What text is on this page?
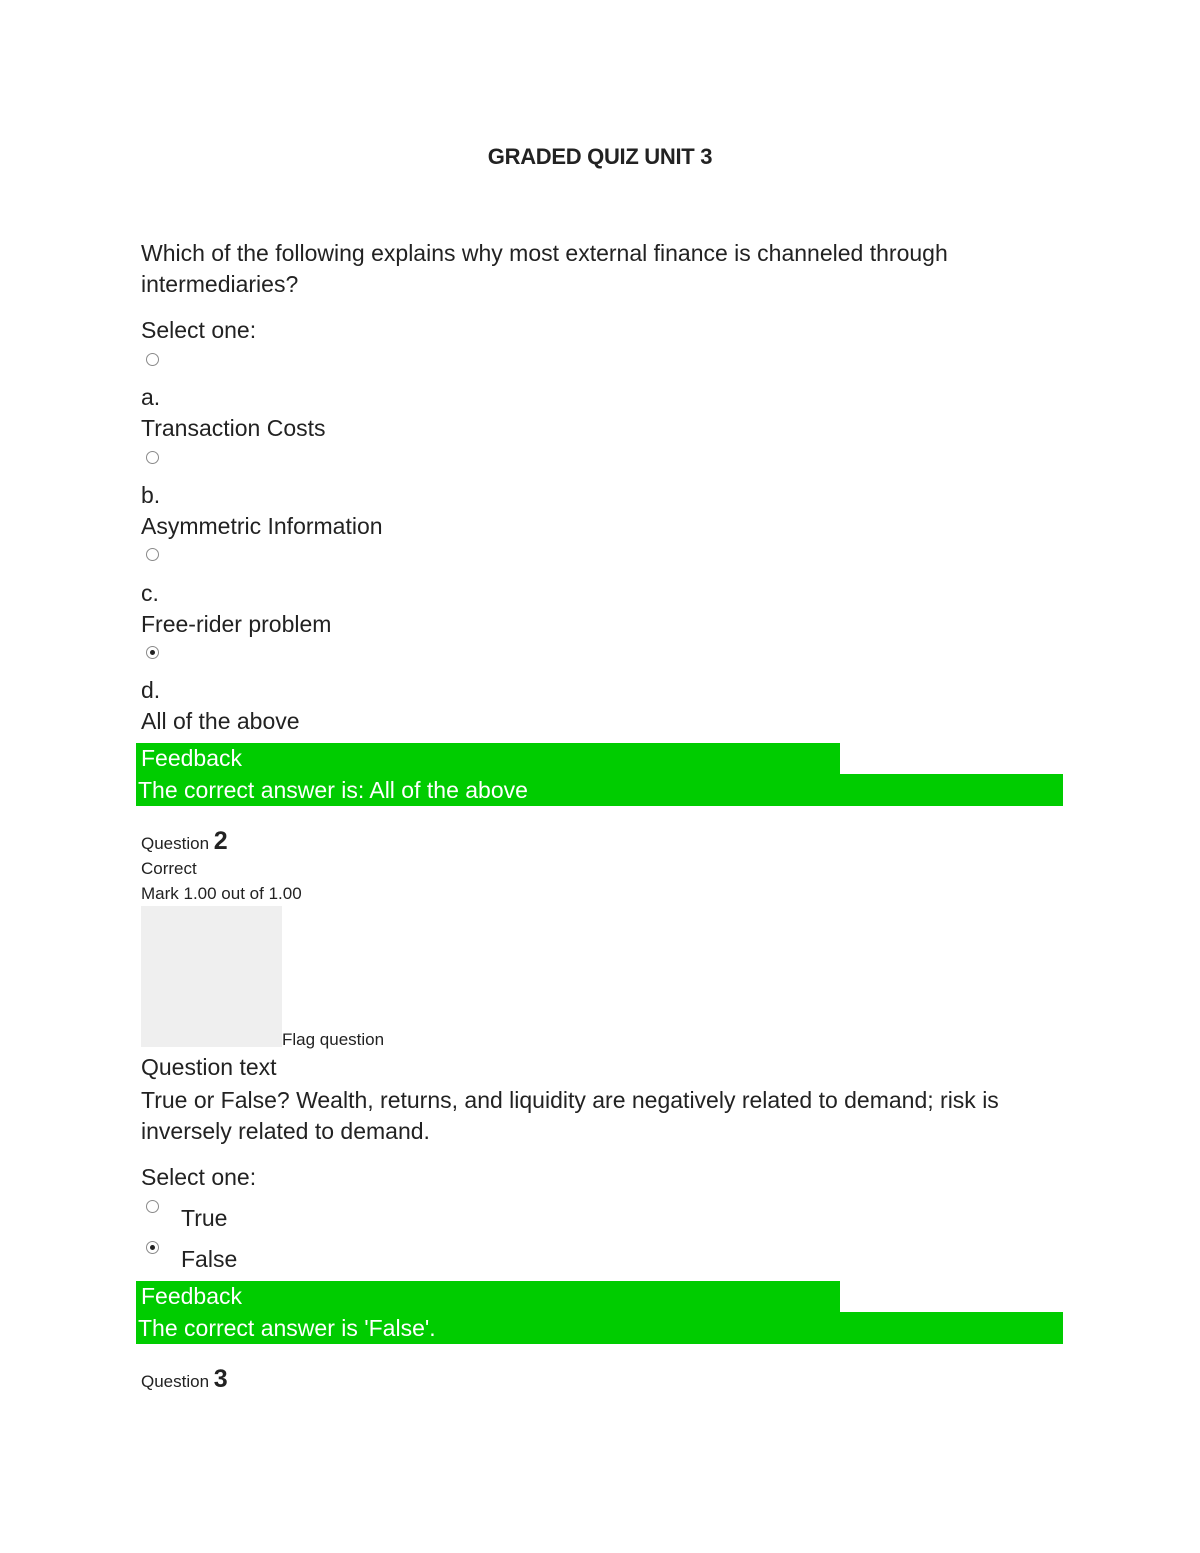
GRADED QUIZ UNIT 3
Which of the following explains why most external finance is channeled through
intermediaries?
Select one:
a.
Transaction Costs
b.
Asymmetric Information
c.
Free-rider problem
d.
All of the above
Feedback
The correct answer is: All of the above
Question 2
Correct
Mark 1.00 out of 1.00
Flag question
Question text
True or False? Wealth, returns, and liquidity are negatively related to demand; risk is
inversely related to demand.
Select one:
True
False
Feedback
The correct answer is 'False'.
Question 3
